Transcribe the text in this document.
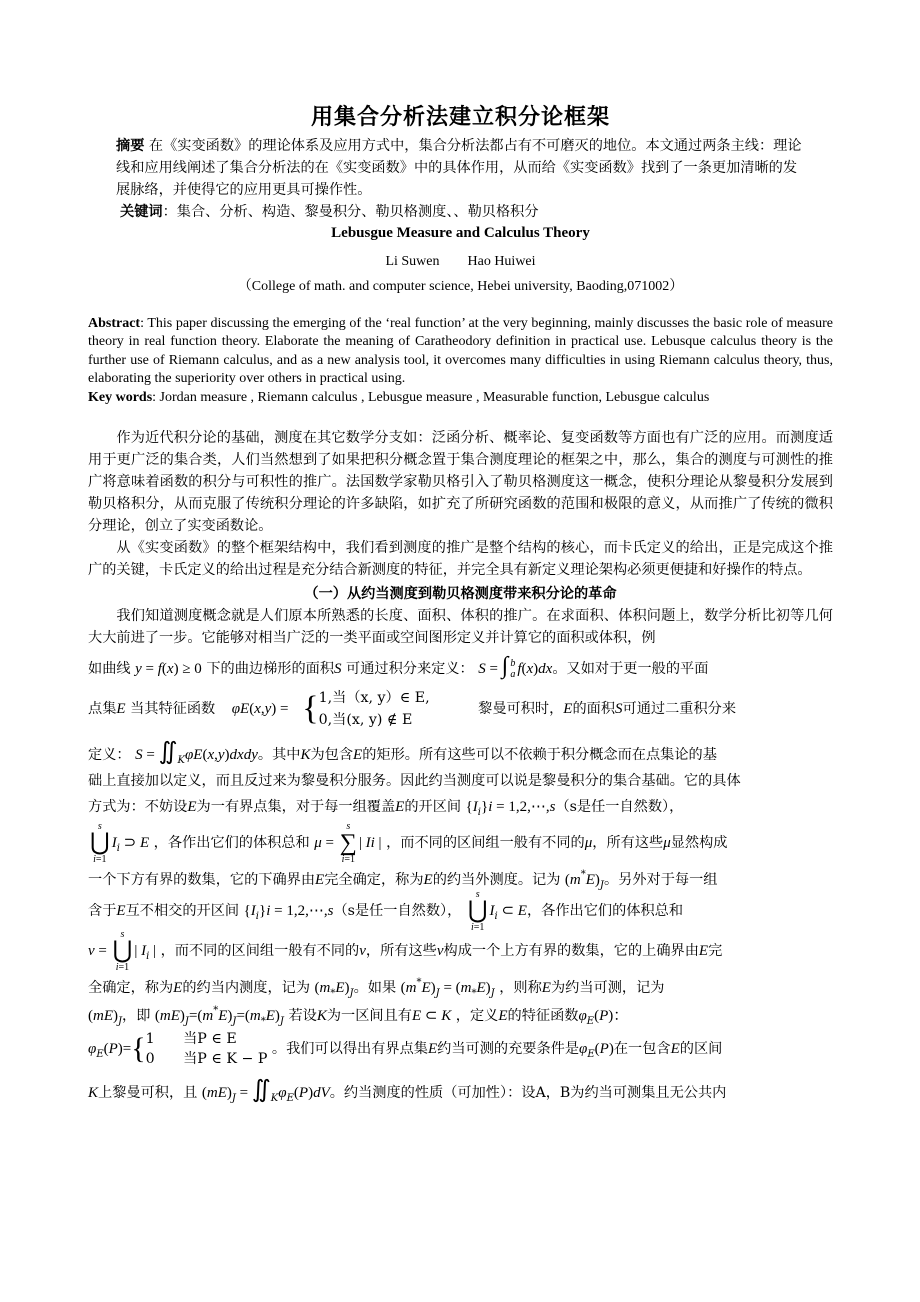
用集合分析法建立积分论框架

摘要 在《实变函数》的理论体系及应用方式中，集合分析法都占有不可磨灭的地位。本文通过两条主线：理论线和应用线阐述了集合分析法的在《实变函数》中的具体作用，从而给《实变函数》找到了一条更加清晰的发展脉络，并使得它的应用更具可操作性。

关键词：集合、分析、构造、黎曼积分、勒贝格测度、、勒贝格积分

Lebusgue Measure and Calculus Theory

Li Suwen Hao Huiwei

（College of math. and computer science, Hebei university, Baoding,071002）

Abstract: This paper discussing the emerging of the ‘real function’ at the very beginning, mainly discusses the basic role of measure theory in real function theory. Elaborate the meaning of Caratheodory definition in practical use. Lebusque calculus theory is the further use of Riemann calculus, and as a new analysis tool, it overcomes many difficulties in using Riemann calculus theory, thus, elaborating the superiority over others in practical using.

Key words: Jordan measure , Riemann calculus , Lebusgue measure , Measurable function, Lebusgue calculus

作为近代积分论的基础，测度在其它数学分支如：泛函分析、概率论、复变函数等方面也有广泛的应用。而测度适用于更广泛的集合类，人们当然想到了如果把积分概念置于集合测度理论的框架之中，那么，集合的测度与可测性的推广将意味着函数的积分与可积性的推广。法国数学家勒贝格引入了勒贝格测度这一概念，使积分理论从黎曼积分发展到勒贝格积分，从而克服了传统积分理论的许多缺陷，如扩充了所研究函数的范围和极限的意义，从而推广了传统的微积分理论，创立了实变函数论。

从《实变函数》的整个框架结构中，我们看到测度的推广是整个结构的核心，而卡氏定义的给出，正是完成这个推广的关键，卡氏定义的给出过程是充分结合新测度的特征，并完全具有新定义理论架构必须更便捷和好操作的特点。

（一）从约当测度到勒贝格测度带来积分论的革命

我们知道测度概念就是人们原本所熟悉的长度、面积、体积的推广。在求面积、体积问题上，数学分析比初等几何大大前进了一步。它能够对相当广泛的一类平面或空间图形定义并计算它的面积或体积，例

如曲线 y = f(x) ≥ 0 下的曲边梯形的面积S 可通过积分来定义： S = ∫ b
a f(x)dx。又如对于更一般的平面
点集E 当其特征函数 φE(x,y) = { 1,当（x, y）∈ E,
0,当(x, y) ∉ E
黎曼可积时，E的面积S可通过二重积分来
定义： $S = ∬_K\varphi E(x,y)dxdy$。其中K为包含E的矩形。所有这些可以不依赖于积分概念而在点集论的基
础上直接加以定义，而且反过来为黎曼积分服务。因此约当测度可以说是黎曼积分的集合基础。它的具体
方式为：不妨设E为一有界点集，对于每一组覆盖E的开区间 $\{I_i\}i$ = 1,2,⋯,s（s是任一自然数），
s
⋃
i=1
$I_i$ ⊃ E ，各作出它们的体积总和 μ =
s
∑
i=1
| Ii | ，而不同的区间组一般有不同的μ，所有这些μ显然构成
一个下方有界的数集，它的下确界由E完全确定，称为E的约当外测度。记为 $(m^*E)_J$。另外对于每一组
含于E互不相交的开区间 $\{I_i\}i$ = 1,2,⋯,s（s是任一自然数），
s
⋃
i=1
$I_i$ ⊂ E，各作出它们的体积总和
ν =
s
⋃
i=1
| $I_i$ | ，而不同的区间组一般有不同的ν，所有这些ν构成一个上方有界的数集，它的上确界由E完
全确定，称为E的约当内测度，记为 $(m_*E)_J$。如果 $(m^*E)_J = (m_*E)_J$ ，则称E为约当可测，记为
$(mE)_J$，即 $(mE)_J=(m^*E)_J=(m_*E)_J$ 若设K为一区间且有E ⊂ K ，定义E的特征函数$\varphi_E(P)$：
$\varphi_E(P)=${ 1　　当P ∈ E
0　　当P ∈ K − P
。我们可以得出有界点集E约当可测的充要条件是$\varphi_E(P)$在一包含E的区间
K上黎曼可积，且 $(mE)_J$ = $∬_K\varphi_E(P)dV$。约当测度的性质（可加性）：设A，B为约当可测集且无公共内
